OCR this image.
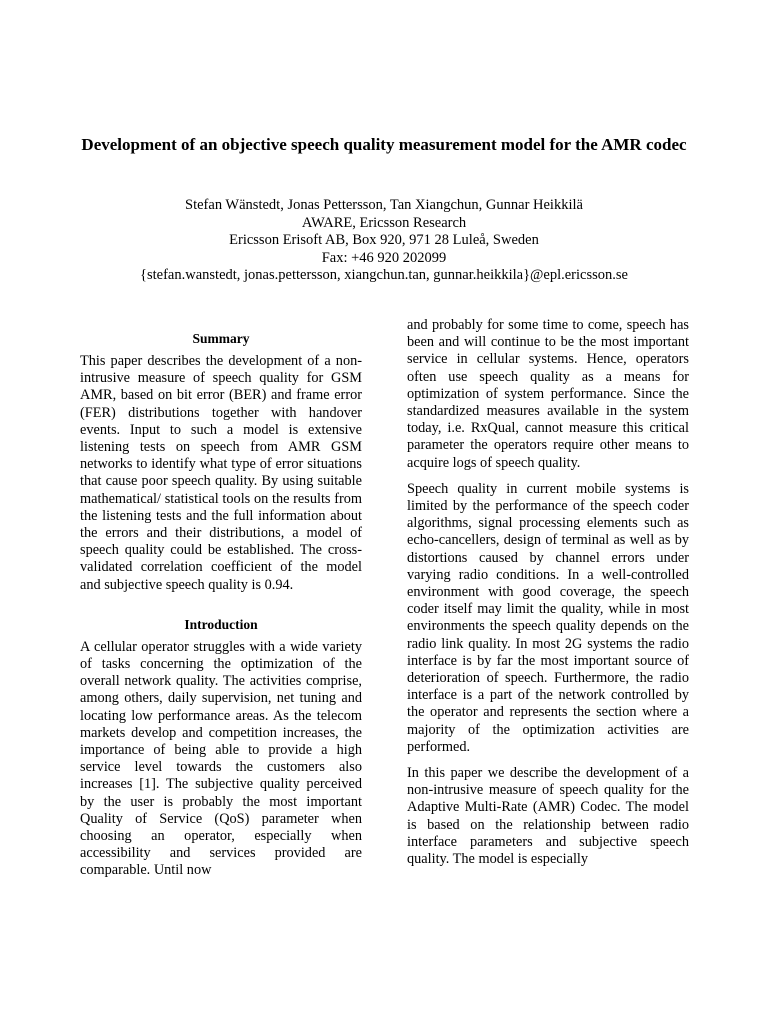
Development of an objective speech quality measurement model for the AMR codec
Stefan Wänstedt, Jonas Pettersson, Tan Xiangchun, Gunnar Heikkilä
AWARE, Ericsson Research
Ericsson Erisoft AB, Box 920, 971 28 Luleå, Sweden
Fax: +46 920 202099
{stefan.wanstedt, jonas.pettersson, xiangchun.tan, gunnar.heikkila}@epl.ericsson.se
Summary

This paper describes the development of a non-intrusive measure of speech quality for GSM AMR, based on bit error (BER) and frame error (FER) distributions together with handover events. Input to such a model is extensive listening tests on speech from AMR GSM networks to identify what type of error situations that cause poor speech quality. By using suitable mathematical/ statistical tools on the results from the listening tests and the full information about the errors and their distributions, a model of speech quality could be established. The cross-validated correlation coefficient of the model and subjective speech quality is 0.94.

Introduction

A cellular operator struggles with a wide variety of tasks concerning the optimization of the overall network quality. The activities comprise, among others, daily supervision, net tuning and locating low performance areas. As the telecom markets develop and competition increases, the importance of being able to provide a high service level towards the customers also increases [1]. The subjective quality perceived by the user is probably the most important Quality of Service (QoS) parameter when choosing an operator, especially when accessibility and services provided are comparable. Until now

and probably for some time to come, speech has been and will continue to be the most important service in cellular systems. Hence, operators often use speech quality as a means for optimization of system performance. Since the standardized measures available in the system today, i.e. RxQual, cannot measure this critical parameter the operators require other means to acquire logs of speech quality.

Speech quality in current mobile systems is limited by the performance of the speech coder algorithms, signal processing elements such as echo-cancellers, design of terminal as well as by distortions caused by channel errors under varying radio conditions. In a well-controlled environment with good coverage, the speech coder itself may limit the quality, while in most environments the speech quality depends on the radio link quality. In most 2G systems the radio interface is by far the most important source of deterioration of speech. Furthermore, the radio interface is a part of the network controlled by the operator and represents the section where a majority of the optimization activities are performed.

In this paper we describe the development of a non-intrusive measure of speech quality for the Adaptive Multi-Rate (AMR) Codec. The model is based on the relationship between radio interface parameters and subjective speech quality. The model is especially
